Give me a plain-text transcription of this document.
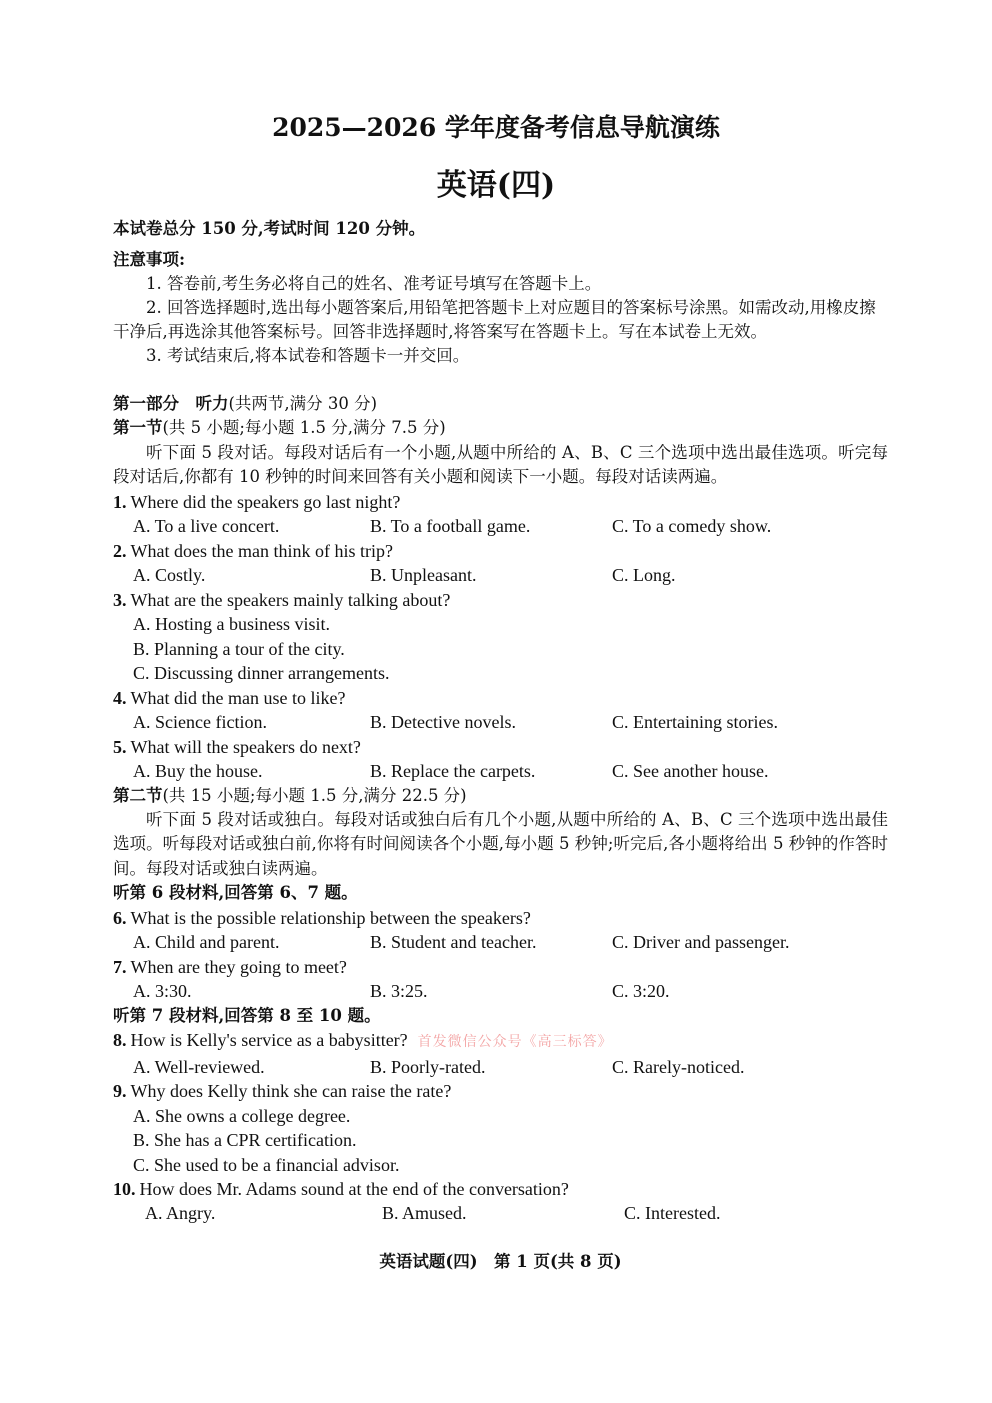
2025—2026 学年度备考信息导航演练
英语(四)
本试卷总分 150 分,考试时间 120 分钟。
注意事项:
1. 答卷前,考生务必将自己的姓名、准考证号填写在答题卡上。
2. 回答选择题时,选出每小题答案后,用铅笔把答题卡上对应题目的答案标号涂黑。如需改动,用橡皮擦干净后,再选涂其他答案标号。回答非选择题时,将答案写在答题卡上。写在本试卷上无效。
3. 考试结束后,将本试卷和答题卡一并交回。
第一部分　听力(共两节,满分 30 分)
第一节(共 5 小题;每小题 1.5 分,满分 7.5 分)
听下面 5 段对话。每段对话后有一个小题,从题中所给的 A、B、C 三个选项中选出最佳选项。听完每段对话后,你都有 10 秒钟的时间来回答有关小题和阅读下一小题。每段对话读两遍。
1. Where did the speakers go last night?
A. To a live concert.	B. To a football game.	C. To a comedy show.
2. What does the man think of his trip?
A. Costly.	B. Unpleasant.	C. Long.
3. What are the speakers mainly talking about?
A. Hosting a business visit.
B. Planning a tour of the city.
C. Discussing dinner arrangements.
4. What did the man use to like?
A. Science fiction.	B. Detective novels.	C. Entertaining stories.
5. What will the speakers do next?
A. Buy the house.	B. Replace the carpets.	C. See another house.
第二节(共 15 小题;每小题 1.5 分,满分 22.5 分)
听下面 5 段对话或独白。每段对话或独白后有几个小题,从题中所给的 A、B、C 三个选项中选出最佳选项。听每段对话或独白前,你将有时间阅读各个小题,每小题 5 秒钟;听完后,各小题将给出 5 秒钟的作答时间。每段对话或独白读两遍。
听第 6 段材料,回答第 6、7 题。
6. What is the possible relationship between the speakers?
A. Child and parent.	B. Student and teacher.	C. Driver and passenger.
7. When are they going to meet?
A. 3:30.	B. 3:25.	C. 3:20.
听第 7 段材料,回答第 8 至 10 题。
8. How is Kelly's service as a babysitter? 首发微信公众号《高三标答》
A. Well-reviewed.	B. Poorly-rated.	C. Rarely-noticed.
9. Why does Kelly think she can raise the rate?
A. She owns a college degree.
B. She has a CPR certification.
C. She used to be a financial advisor.
10. How does Mr. Adams sound at the end of the conversation?
A. Angry.	B. Amused.	C. Interested.
英语试题(四)　第 1 页(共 8 页)
